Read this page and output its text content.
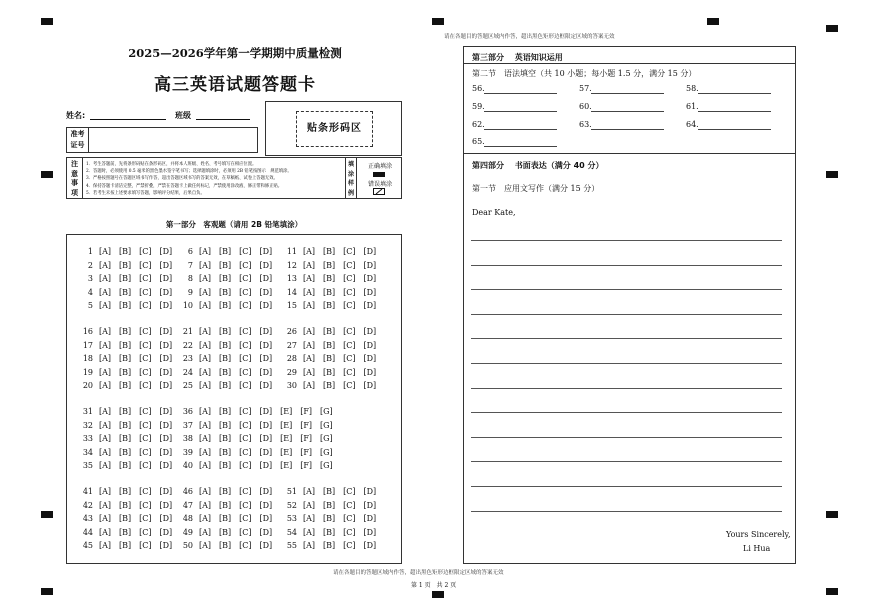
请在各题目的答题区域内作答，超出黑色矩形边框限定区域的答案无效
2025—2026学年第一学期期中质量检测
高三英语试题答题卡
姓名:	班级
准考
证号
贴条形码区
注
意
事
项
1．考生答题前，先将条形码贴在条形码区，并将本人班级、姓名、考号填写在相应位置。
2．答题时，必须使用 0.5 毫米的黑色墨水签字笔书写；选择题填涂时，必须用 2B 铅笔按图示　规范填涂。
3．严格按照题号在答题区域书写作答，超出答题区域书写的答案无效，在草稿纸、试卷上答题无效。
4．保持答题卡清洁完整，严禁折叠，严禁在答题卡上做任何标记，严禁使用涂改液、修正带和修正贴。
5．若考生未按上述要求填写答题，影响评分结果，后果自负。
填
涂
样
例
正确填涂
错误填涂
第一部分　客观题（请用 2B 铅笔填涂）
1 [A]　[B]　[C]　[D]	6 [A]　[B]　[C]　[D] 11 [A]　[B]　[C]　[D]
2 [A]　[B]　[C]　[D]	7 [A]　[B]　[C]　[D] 12 [A]　[B]　[C]　[D]
3 [A]　[B]　[C]　[D]	8 [A]　[B]　[C]　[D] 13 [A]　[B]　[C]　[D]
4 [A]　[B]　[C]　[D]	9 [A]　[B]　[C]　[D] 14 [A]　[B]　[C]　[D]
5 [A]　[B]　[C]　[D] 10 [A]　[B]　[C]　[D] 15 [A]　[B]　[C]　[D]
16 [A]　[B]　[C]　[D] 21 [A]　[B]　[C]　[D] 26 [A]　[B]　[C]　[D]
17 [A]　[B]　[C]　[D] 22 [A]　[B]　[C]　[D] 27 [A]　[B]　[C]　[D]
18 [A]　[B]　[C]　[D] 23 [A]　[B]　[C]　[D] 28 [A]　[B]　[C]　[D]
19 [A]　[B]　[C]　[D] 24 [A]　[B]　[C]　[D] 29 [A]　[B]　[C]　[D]
20 [A]　[B]　[C]　[D] 25 [A]　[B]　[C]　[D] 30 [A]　[B]　[C]　[D]
31 [A]　[B]　[C]　[D] 36 [A]　[B]　[C]　[D]　[E]　[F]　[G]
32 [A]　[B]　[C]　[D] 37 [A]　[B]　[C]　[D]　[E]　[F]　[G]
33 [A]　[B]　[C]　[D] 38 [A]　[B]　[C]　[D]　[E]　[F]　[G]
34 [A]　[B]　[C]　[D] 39 [A]　[B]　[C]　[D]　[E]　[F]　[G]
35 [A]　[B]　[C]　[D] 40 [A]　[B]　[C]　[D]　[E]　[F]　[G]
41 [A]　[B]　[C]　[D] 46 [A]　[B]　[C]　[D] 51 [A]　[B]　[C]　[D]
42 [A]　[B]　[C]　[D] 47 [A]　[B]　[C]　[D] 52 [A]　[B]　[C]　[D]
43 [A]　[B]　[C]　[D] 48 [A]　[B]　[C]　[D] 53 [A]　[B]　[C]　[D]
44 [A]　[B]　[C]　[D] 49 [A]　[B]　[C]　[D] 54 [A]　[B]　[C]　[D]
45 [A]　[B]　[C]　[D] 50 [A]　[B]　[C]　[D] 55 [A]　[B]　[C]　[D]
第三部分　 英语知识运用
第二节　语法填空（共 10 小题；每小题 1.5 分，满分 15 分）
56.	57.	58.
59.	60.	61.
62.	63.	64.
65.
第四部分　 书面表达（满分 40 分）
第一节　应用文写作（满分 15 分）
Dear Kate,
Yours Sincerely,
Li Hua
请在各题目的答题区域内作答，超出黑色矩形边框限定区域的答案无效
第 1 页　共 2 页
